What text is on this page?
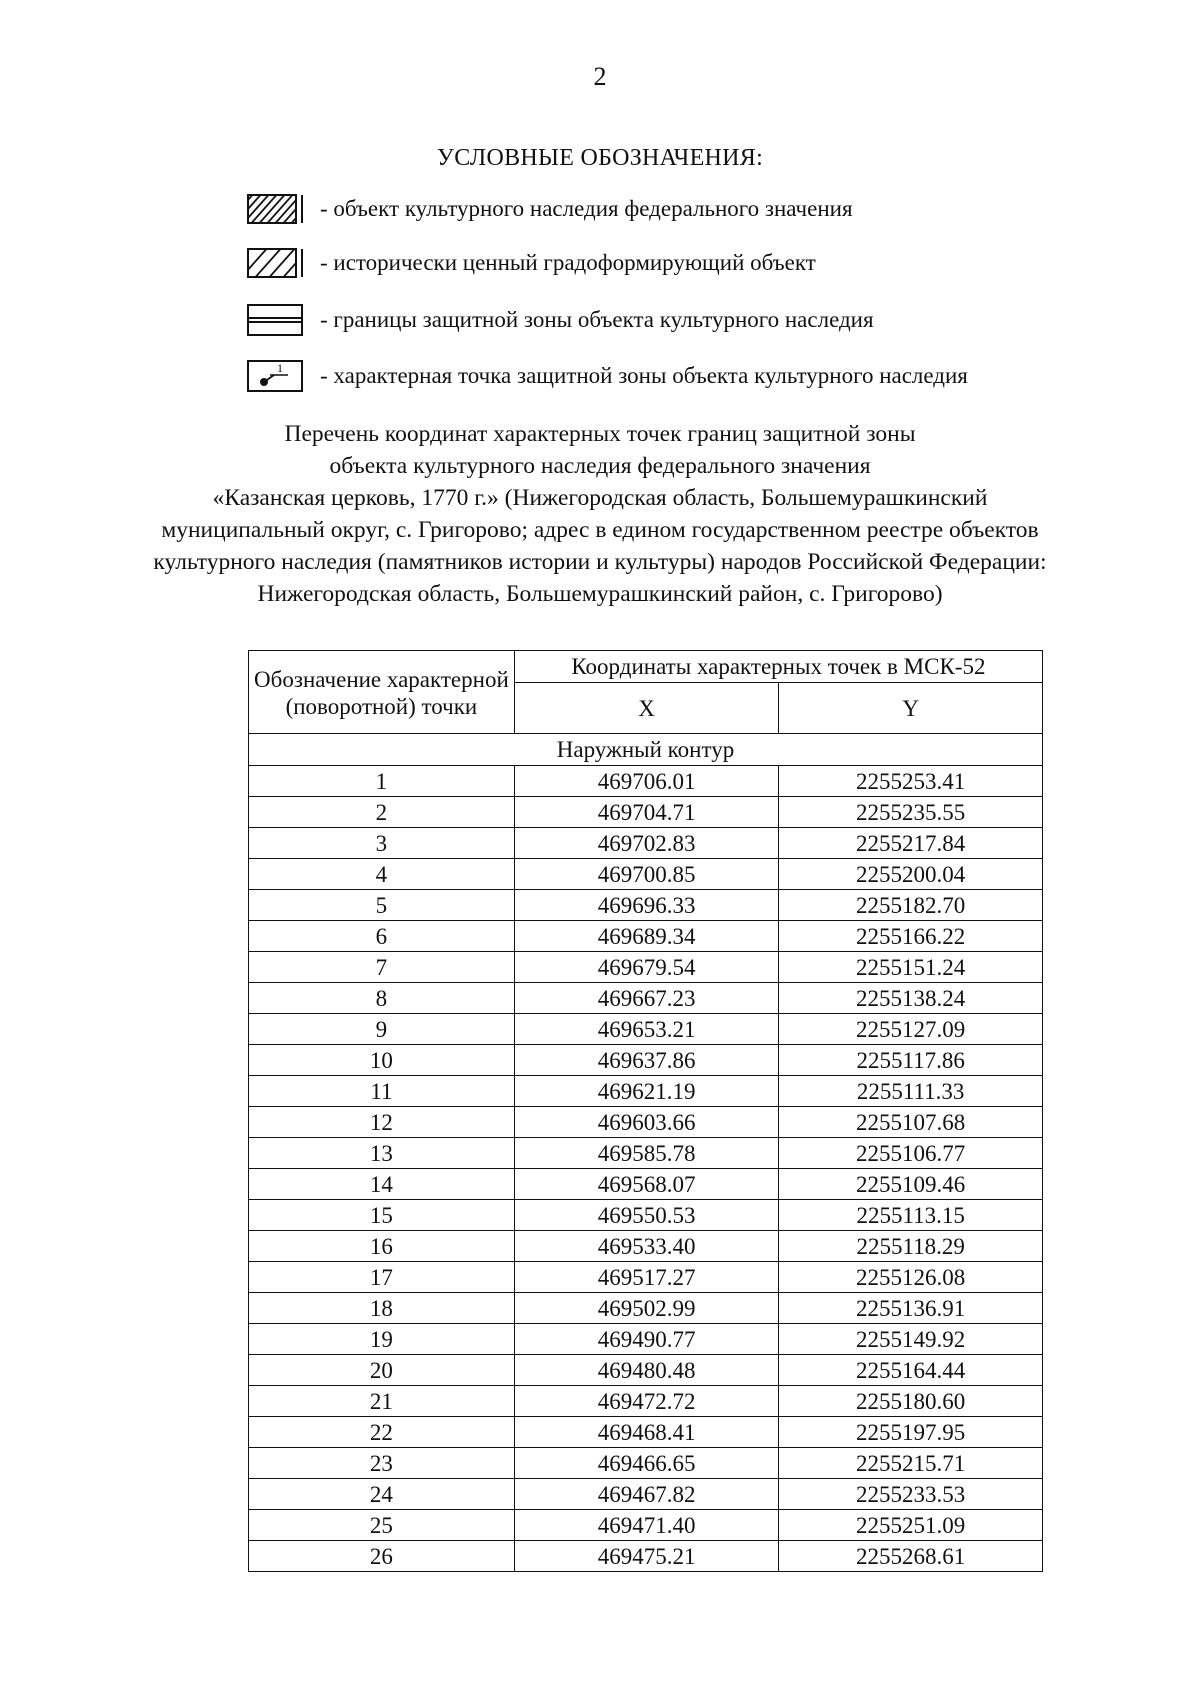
2
УСЛОВНЫЕ ОБОЗНАЧЕНИЯ:
- объект культурного наследия федерального значения
- исторически ценный градоформирующий объект
- границы защитной зоны объекта культурного наследия
1 - характерная точка защитной зоны объекта культурного наследия
Перечень координат характерных точек границ защитной зоны
объекта культурного наследия федерального значения
«Казанская церковь, 1770 г.» (Нижегородская область, Большемурашкинский
муниципальный округ, с. Григорово; адрес в едином государственном реестре объектов
культурного наследия (памятников истории и культуры) народов Российской Федерации:
Нижегородская область, Большемурашкинский район, с. Григорово)
Обозначение характерной (поворотной) точки	Координаты характерных точек в МСК-52	
	X	Y
Наружный контур		
1	469706.01	2255253.41
2	469704.71	2255235.55
3	469702.83	2255217.84
4	469700.85	2255200.04
5	469696.33	2255182.70
6	469689.34	2255166.22
7	469679.54	2255151.24
8	469667.23	2255138.24
9	469653.21	2255127.09
10	469637.86	2255117.86
11	469621.19	2255111.33
12	469603.66	2255107.68
13	469585.78	2255106.77
14	469568.07	2255109.46
15	469550.53	2255113.15
16	469533.40	2255118.29
17	469517.27	2255126.08
18	469502.99	2255136.91
19	469490.77	2255149.92
20	469480.48	2255164.44
21	469472.72	2255180.60
22	469468.41	2255197.95
23	469466.65	2255215.71
24	469467.82	2255233.53
25	469471.40	2255251.09
26	469475.21	2255268.61
